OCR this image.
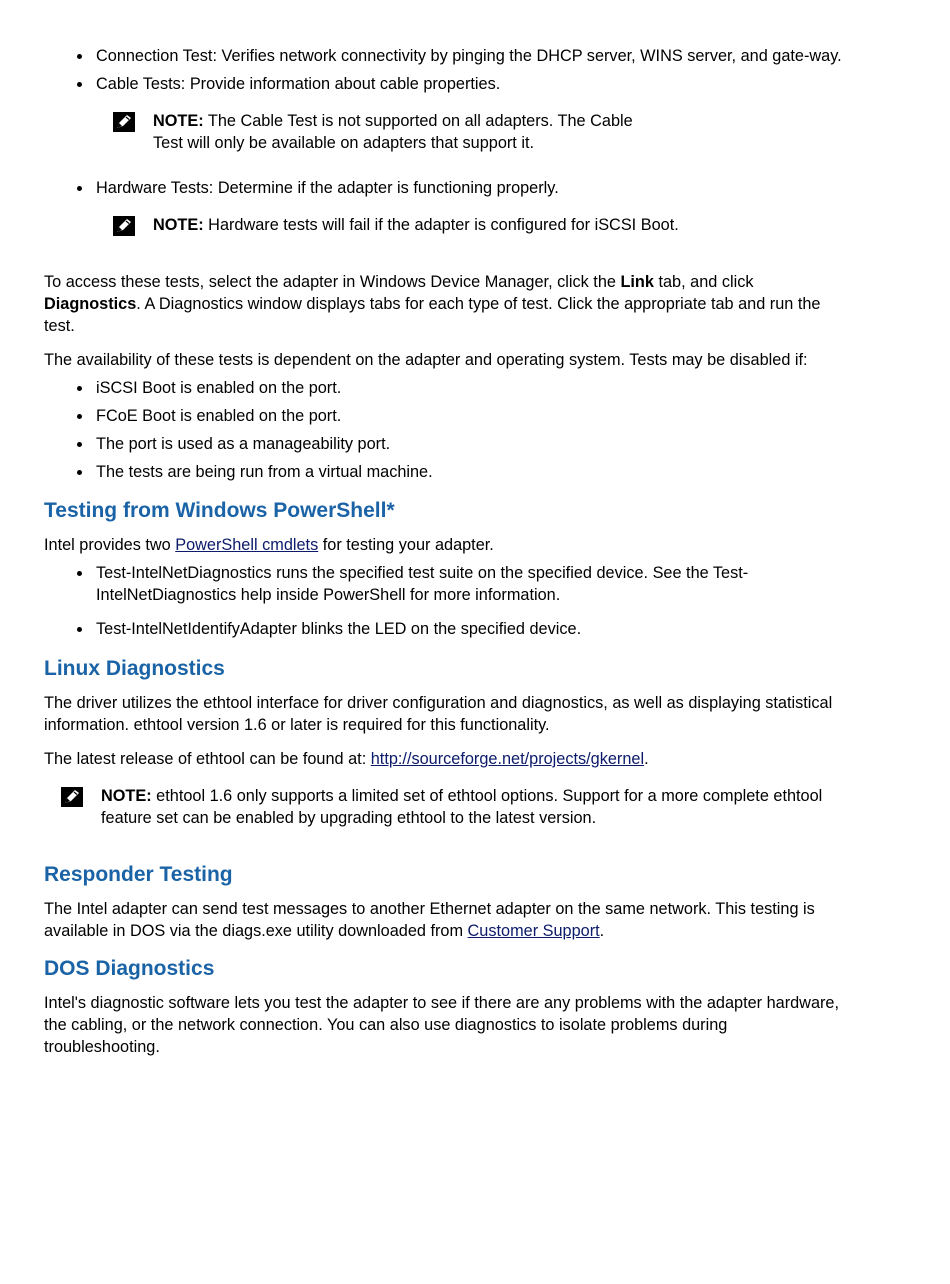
Connection Test: Verifies network connectivity by pinging the DHCP server, WINS server, and gate-way.
Cable Tests: Provide information about cable properties.
NOTE: The Cable Test is not supported on all adapters. The Cable Test will only be available on adapters that support it.
Hardware Tests: Determine if the adapter is functioning properly.
NOTE: Hardware tests will fail if the adapter is configured for iSCSI Boot.

To access these tests, select the adapter in Windows Device Manager, click the Link tab, and click Diagnostics. A Diagnostics window displays tabs for each type of test. Click the appropriate tab and run the test.

The availability of these tests is dependent on the adapter and operating system. Tests may be disabled if:

iSCSI Boot is enabled on the port.
FCoE Boot is enabled on the port.
The port is used as a manageability port.
The tests are being run from a virtual machine.
Testing from Windows PowerShell*

Intel provides two PowerShell cmdlets for testing your adapter.

Test-IntelNetDiagnostics runs the specified test suite on the specified device. See the Test-IntelNetDiagnostics help inside PowerShell for more information.
Test-IntelNetIdentifyAdapter blinks the LED on the specified device.
Linux Diagnostics

The driver utilizes the ethtool interface for driver configuration and diagnostics, as well as displaying statistical information. ethtool version 1.6 or later is required for this functionality.

The latest release of ethtool can be found at: http://sourceforge.net/projects/gkernel.

NOTE: ethtool 1.6 only supports a limited set of ethtool options. Support for a more complete ethtool feature set can be enabled by upgrading ethtool to the latest version.
Responder Testing

The Intel adapter can send test messages to another Ethernet adapter on the same network. This testing is available in DOS via the diags.exe utility downloaded from Customer Support.

DOS Diagnostics

Intel's diagnostic software lets you test the adapter to see if there are any problems with the adapter hardware, the cabling, or the network connection. You can also use diagnostics to isolate problems during troubleshooting.
